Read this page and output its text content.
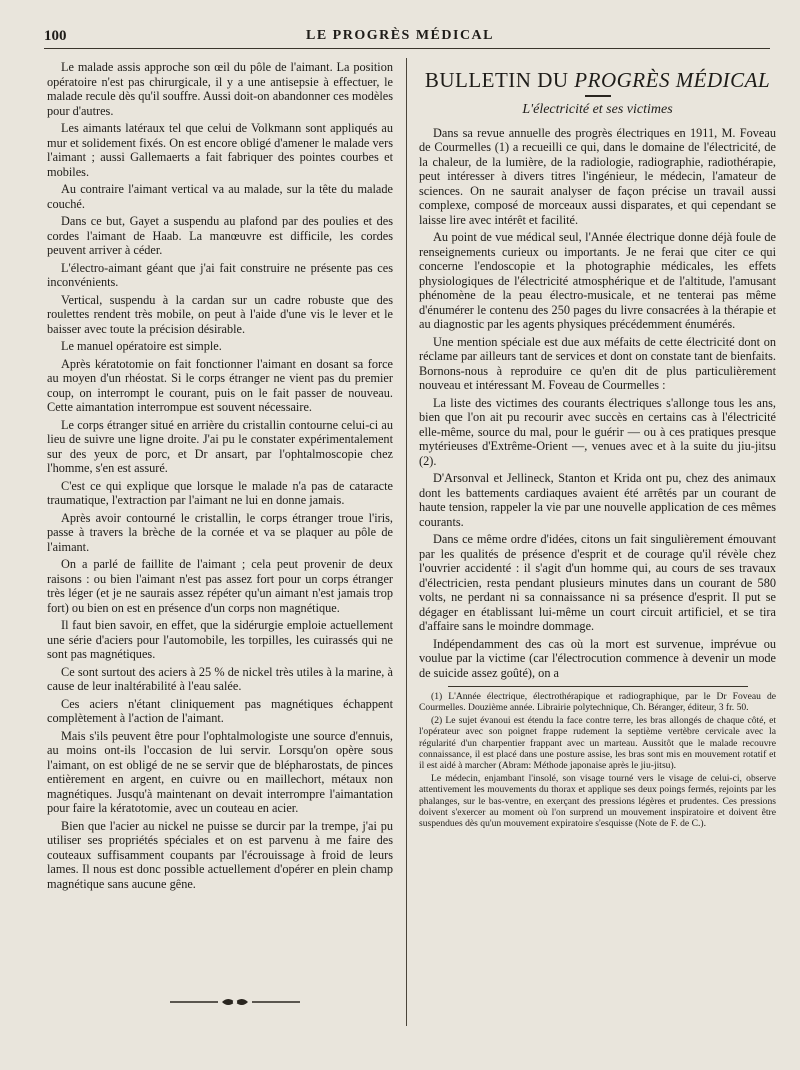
100	LE PROGRÈS MÉDICAL

Le malade assis approche son œil du pôle de l'aimant. La position opératoire n'est pas chirurgicale, il y a une antisepsie à effectuer, le malade recule dès qu'il souffre. Aussi doit-on abandonner ces modèles pour d'autres.

Les aimants latéraux tel que celui de Volkmann sont appliqués au mur et solidement fixés. On est encore obligé d'amener le malade vers l'aimant ; aussi Gallemaerts a fait fabriquer des pointes courbes et mobiles.

Au contraire l'aimant vertical va au malade, sur la tête du malade couché.

Dans ce but, Gayet a suspendu au plafond par des poulies et des cordes l'aimant de Haab. La manœuvre est difficile, les cordes peuvent arriver à céder.

L'électro-aimant géant que j'ai fait construire ne présente pas ces inconvénients.

Vertical, suspendu à la cardan sur un cadre robuste que des roulettes rendent très mobile, on peut à l'aide d'une vis le lever et le baisser avec toute la précision désirable.

Le manuel opératoire est simple.

Après kératotomie on fait fonctionner l'aimant en dosant sa force au moyen d'un rhéostat. Si le corps étranger ne vient pas du premier coup, on interrompt le courant, puis on le fait passer de nouveau. Cette aimantation interrompue est souvent nécessaire.

Le corps étranger situé en arrière du cristallin contourne celui-ci au lieu de suivre une ligne droite. J'ai pu le constater expérimentalement sur des yeux de porc, et Dr ansart, par l'ophtalmoscopie chez l'homme, s'en est assuré.

C'est ce qui explique que lorsque le malade n'a pas de cataracte traumatique, l'extraction par l'aimant ne lui en donne jamais.

Après avoir contourné le cristallin, le corps étranger troue l'iris, passe à travers la brèche de la cornée et va se plaquer au pôle de l'aimant.

On a parlé de faillite de l'aimant ; cela peut provenir de deux raisons : ou bien l'aimant n'est pas assez fort pour un corps étranger très léger (et je ne saurais assez répéter qu'un aimant n'est jamais trop fort) ou bien on est en présence d'un corps non magnétique.

Il faut bien savoir, en effet, que la sidérurgie emploie actuellement une série d'aciers pour l'automobile, les torpilles, les cuirassés qui ne sont pas magnétiques.

Ce sont surtout des aciers à 25 % de nickel très utiles à la marine, à cause de leur inaltérabilité à l'eau salée.

Ces aciers n'étant cliniquement pas magnétiques échappent complètement à l'action de l'aimant.

Mais s'ils peuvent être pour l'ophtalmologiste une source d'ennuis, au moins ont-ils l'occasion de lui servir. Lorsqu'on opère sous l'aimant, on est obligé de ne se servir que de blépharostats, de pinces entièrement en argent, en cuivre ou en maillechort, métaux non magnétiques. Jusqu'à maintenant on devait interrompre l'aimantation pour faire la kératotomie, avec un couteau en acier.

Bien que l'acier au nickel ne puisse se durcir par la trempe, j'ai pu utiliser ses propriétés spéciales et on est parvenu à me faire des couteaux suffisamment coupants par l'écrouissage à froid de leurs lames. Il nous est donc possible actuellement d'opérer en plein champ magnétique sans aucune gêne.

BULLETIN DU PROGRÈS MÉDICAL
L'électricité et ses victimes

Dans sa revue annuelle des progrès électriques en 1911, M. Foveau de Courmelles (1) a recueilli ce qui, dans le domaine de l'électricité, de la chaleur, de la lumière, de la radiologie, radiographie, radiothérapie, peut intéresser à divers titres l'ingénieur, le médecin, l'amateur de sciences. On ne saurait analyser de façon précise un travail aussi complexe, composé de morceaux aussi disparates, et qui cependant se laisse lire avec intérêt et facilité.

Au point de vue médical seul, l'Année électrique donne déjà foule de renseignements curieux ou importants. Je ne ferai que citer ce qui concerne l'endoscopie et la photographie médicales, les effets physiologiques de l'électricité atmosphérique et de l'altitude, l'amusant phénomène de la peau électro-musicale, et ne tenterai pas même d'énumérer le contenu des 250 pages du livre consacrées à la thérapie et au diagnostic par les agents physiques précédemment énumérés.

Une mention spéciale est due aux méfaits de cette électricité dont on réclame par ailleurs tant de services et dont on constate tant de bienfaits. Bornons-nous à reproduire ce qu'en dit de plus particulièrement nouveau et intéressant M. Foveau de Courmelles :

La liste des victimes des courants électriques s'allonge tous les ans, bien que l'on ait pu recourir avec succès en certains cas à l'électricité elle-même, source du mal, pour le guérir — ou à ces pratiques presque mytérieuses d'Extrême-Orient —, venues avec et à la suite du jiu-jitsu (2).

D'Arsonval et Jellineck, Stanton et Krida ont pu, chez des animaux dont les battements cardiaques avaient été arrêtés par un courant de haute tension, rappeler la vie par une nouvelle application de ces mêmes courants.

Dans ce même ordre d'idées, citons un fait singulièrement émouvant par les qualités de présence d'esprit et de courage qu'il révèle chez l'ouvrier accidenté : il s'agit d'un homme qui, au cours de ses travaux d'électricien, resta pendant plusieurs minutes dans un courant de 580 volts, ne perdant ni sa connaissance ni sa présence d'esprit. Il put se dégager en établissant lui-même un court circuit artificiel, et se tira d'affaire sans le moindre dommage.

Indépendamment des cas où la mort est survenue, imprévue ou voulue par la victime (car l'électrocution commence à devenir un mode de suicide assez goûté), on a

(1) L'Année électrique, électrothérapique et radiographique, par le Dr Foveau de Courmelles. Douzième année. Librairie polytechnique, Ch. Béranger, éditeur, 3 fr. 50.

(2) Le sujet évanoui est étendu la face contre terre, les bras allongés de chaque côté, et l'opérateur avec son poignet frappe rudement la septième vertèbre cervicale avec la régularité d'un charpentier frappant avec un marteau. Aussitôt que le malade recouvre connaissance, il est placé dans une posture assise, les bras sont mis en mouvement rotatif et il est aidé à marcher (Abram: Méthode japonaise après le jiu-jitsu).

Le médecin, enjambant l'insolé, son visage tourné vers le visage de celui-ci, observe attentivement les mouvements du thorax et applique ses deux poings fermés, rejoints par les phalanges, sur le bas-ventre, en exerçant des pressions légères et prudentes. Ces pressions doivent s'exercer au moment où l'on surprend un mouvement inspiratoire et doivent être suspendues dès qu'un mouvement expiratoire s'esquisse (Note de F. de C.).
